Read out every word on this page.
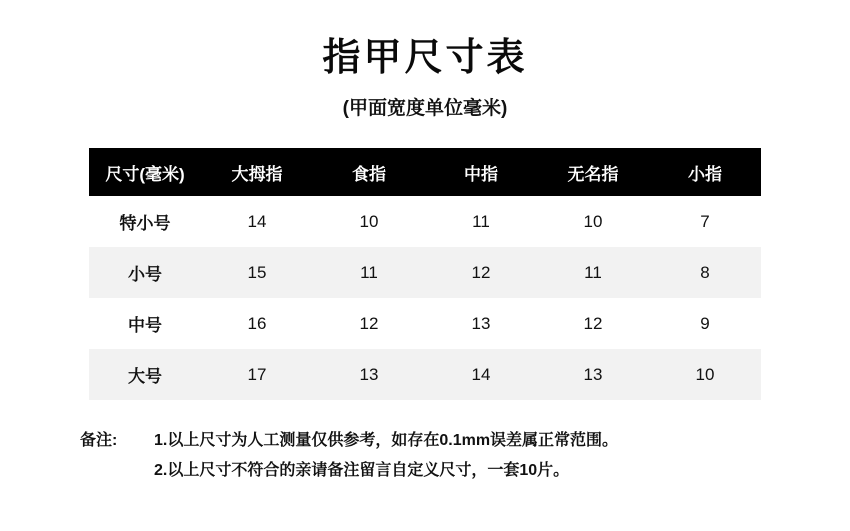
指甲尺寸表
(甲面宽度单位毫米)
尺寸(毫米)	大拇指	食指	中指	无名指	小指
特小号	14	10	11	10	7
小号	15	11	12	11	8
中号	16	12	13	12	9
大号	17	13	14	13	10
备注:	1.以上尺寸为人工测量仅供参考，如存在0.1mm误差属正常范围。
2.以上尺寸不符合的亲请备注留言自定义尺寸，一套10片。
